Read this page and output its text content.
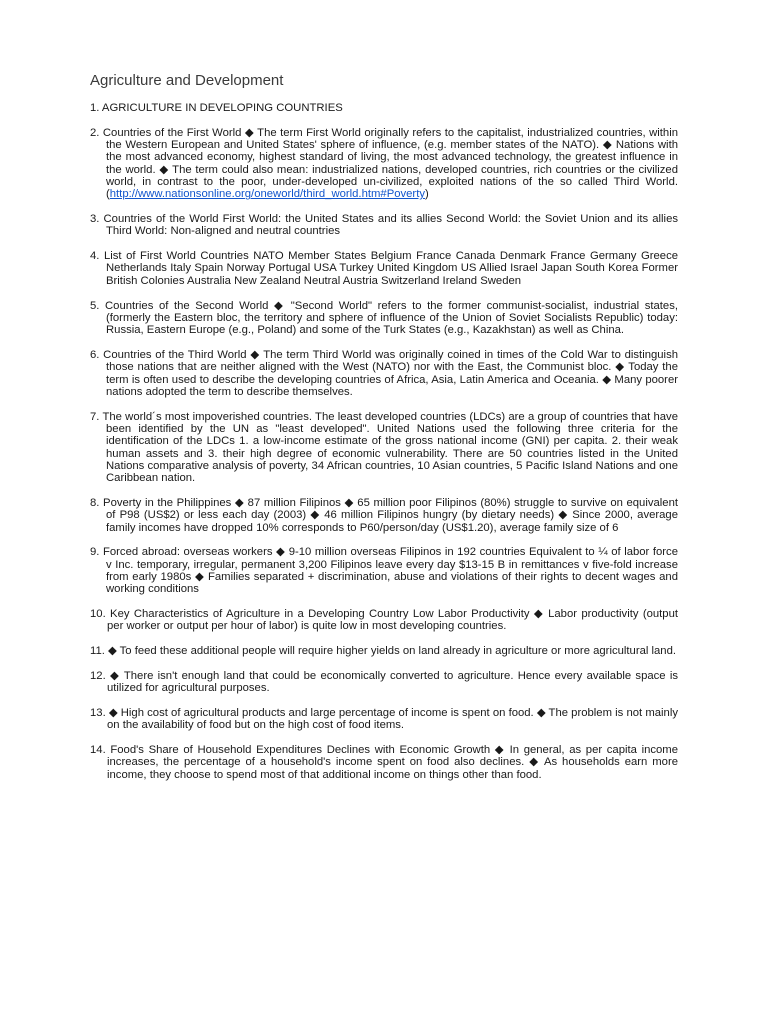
Agriculture and Development

1. AGRICULTURE IN DEVELOPING COUNTRIES

2. Countries of the First World ◆ The term First World originally refers to the capitalist, industrialized countries, within the Western European and United States' sphere of influence, (e.g. member states of the NATO). ◆ Nations with the most advanced economy, highest standard of living, the most advanced technology, the greatest influence in the world. ◆ The term could also mean: industrialized nations, developed countries, rich countries or the civilized world, in contrast to the poor, under-developed un-civilized, exploited nations of the so called Third World. (http://www.nationsonline.org/oneworld/third_world.htm#Poverty)

3. Countries of the World First World: the United States and its allies Second World: the Soviet Union and its allies Third World: Non-aligned and neutral countries

4. List of First World Countries NATO Member States Belgium France Canada Denmark France Germany Greece Netherlands Italy Spain Norway Portugal USA Turkey United Kingdom US Allied Israel Japan South Korea Former British Colonies Australia New Zealand Neutral Austria Switzerland Ireland Sweden

5. Countries of the Second World ◆ "Second World" refers to the former communist-socialist, industrial states, (formerly the Eastern bloc, the territory and sphere of influence of the Union of Soviet Socialists Republic) today: Russia, Eastern Europe (e.g., Poland) and some of the Turk States (e.g., Kazakhstan) as well as China.

6. Countries of the Third World ◆ The term Third World was originally coined in times of the Cold War to distinguish those nations that are neither aligned with the West (NATO) nor with the East, the Communist bloc. ◆ Today the term is often used to describe the developing countries of Africa, Asia, Latin America and Oceania. ◆ Many poorer nations adopted the term to describe themselves.

7. The world´s most impoverished countries. The least developed countries (LDCs) are a group of countries that have been identified by the UN as "least developed". United Nations used the following three criteria for the identification of the LDCs 1. a low-income estimate of the gross national income (GNI) per capita. 2. their weak human assets and 3. their high degree of economic vulnerability. There are 50 countries listed in the United Nations comparative analysis of poverty, 34 African countries, 10 Asian countries, 5 Pacific Island Nations and one Caribbean nation.

8. Poverty in the Philippines ◆ 87 million Filipinos ◆ 65 million poor Filipinos (80%) struggle to survive on equivalent of P98 (US$2) or less each day (2003) ◆ 46 million Filipinos hungry (by dietary needs) ◆ Since 2000, average family incomes have dropped 10% corresponds to P60/person/day (US$1.20), average family size of 6

9. Forced abroad: overseas workers ◆ 9-10 million overseas Filipinos in 192 countries Equivalent to ¼ of labor force v Inc. temporary, irregular, permanent 3,200 Filipinos leave every day $13-15 B in remittances v five-fold increase from early 1980s ◆ Families separated + discrimination, abuse and violations of their rights to decent wages and working conditions

10. Key Characteristics of Agriculture in a Developing Country Low Labor Productivity ◆ Labor productivity (output per worker or output per hour of labor) is quite low in most developing countries.

11. ◆ To feed these additional people will require higher yields on land already in agriculture or more agricultural land.

12. ◆ There isn't enough land that could be economically converted to agriculture. Hence every available space is utilized for agricultural purposes.

13. ◆ High cost of agricultural products and large percentage of income is spent on food. ◆ The problem is not mainly on the availability of food but on the high cost of food items.

14. Food's Share of Household Expenditures Declines with Economic Growth ◆ In general, as per capita income increases, the percentage of a household's income spent on food also declines. ◆ As households earn more income, they choose to spend most of that additional income on things other than food.
